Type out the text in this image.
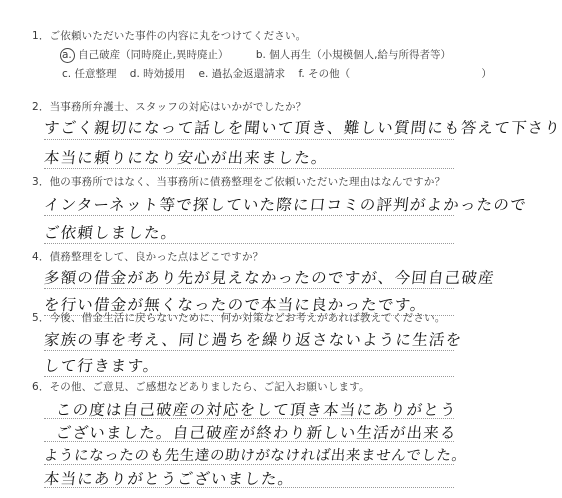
1．ご依頼いただいた事件の内容に丸をつけてください。
a. 自己破産（同時廃止,異時廃止）	b. 個人再生（小規模個人,給与所得者等）
c. 任意整理 d. 時効援用 e. 過払金返還請求 f. その他（	）
2．当事務所弁護士、スタッフの対応はいかがでしたか？
すごく親切になって話しを聞いて頂き、難しい質問にも答えて下さり
本当に頼りになり安心が出来ました。
3．他の事務所ではなく、当事務所に債務整理をご依頼いただいた理由はなんですか？
インターネット等で探していた際に口コミの評判がよかったので
ご依頼しました。
4．債務整理をして、良かった点はどこですか？
多額の借金があり先が見えなかったのですが、今回自己破産
を行い借金が無くなったので本当に良かったです。
5．今後、借金生活に戻らないために、何か対策などお考えがあれば教えてください。
家族の事を考え、同じ過ちを繰り返さないように生活を
して行きます。
6．その他、ご意見、ご感想などありましたら、ご記入お願いします。
この度は自己破産の対応をして頂き本当にありがとう
ございました。自己破産が終わり新しい生活が出来る
ようになったのも先生達の助けがなければ出来ませんでした。
本当にありがとうございました。
